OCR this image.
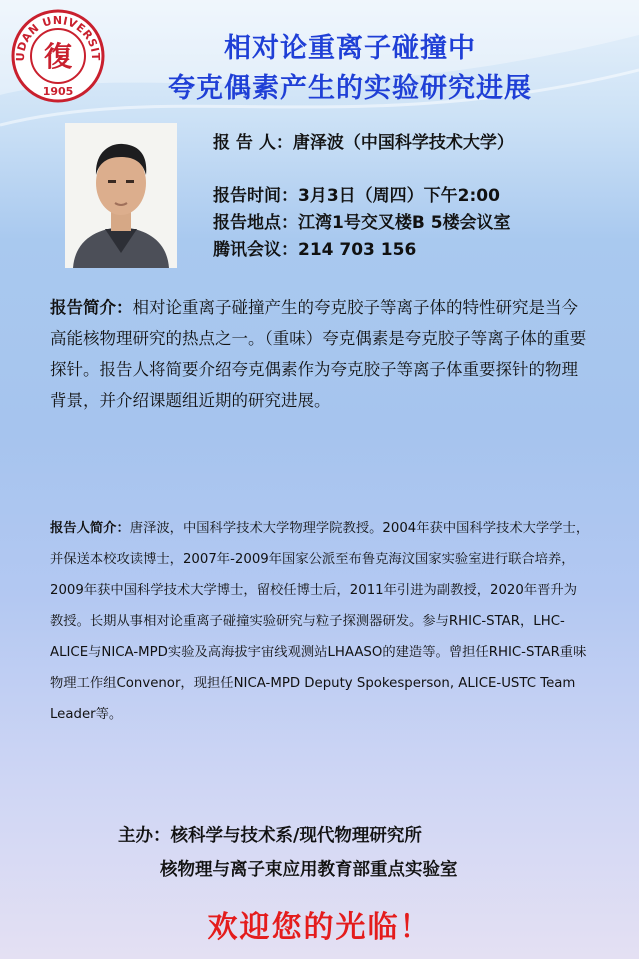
UDAN UNIVERSIT
復
1905
相对论重离子碰撞中
夸克偶素产生的实验研究进展
报 告 人：唐泽波（中国科学技术大学）
报告时间：3月3日（周四）下午2:00
报告地点：江湾1号交叉楼B 5楼会议室
腾讯会议：214 703 156
报告简介：相对论重离子碰撞产生的夸克胶子等离子体的特性研究是当今高能核物理研究的热点之一。（重味）夸克偶素是夸克胶子等离子体的重要探针。报告人将简要介绍夸克偶素作为夸克胶子等离子体重要探针的物理背景，并介绍课题组近期的研究进展。
报告人简介：唐泽波，中国科学技术大学物理学院教授。2004年获中国科学技术大学学士，并保送本校攻读博士，2007年-2009年国家公派至布鲁克海汶国家实验室进行联合培养，2009年获中国科学技术大学博士，留校任博士后，2011年引进为副教授，2020年晋升为教授。长期从事相对论重离子碰撞实验研究与粒子探测器研发。参与RHIC-STAR，LHC-ALICE与NICA-MPD实验及高海拔宇宙线观测站LHAASO的建造等。曾担任RHIC-STAR重味物理工作组Convenor，现担任NICA-MPD Deputy Spokesperson, ALICE-USTC Team Leader等。
主办：核科学与技术系/现代物理研究所
核物理与离子束应用教育部重点实验室
欢迎您的光临！
